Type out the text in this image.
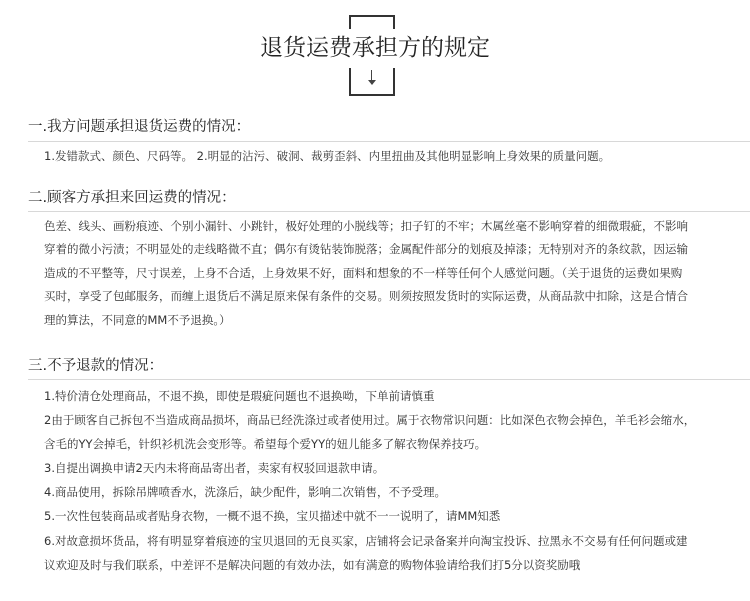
退货运费承担方的规定
一.我方问题承担退货运费的情况：
1.发错款式、颜色、尺码等。 2.明显的沾污、破洞、裁剪歪斜、内里扭曲及其他明显影响上身效果的质量问题。
二.顾客方承担来回运费的情况：
色差、线头、画粉痕迹、个别小漏针、小跳针，极好处理的小脱线等；扣子钉的不牢；木属丝毫不影响穿着的细微瑕疵，不影响
穿着的微小污渍；不明显处的走线略微不直；偶尔有烫钻装饰脱落；金属配件部分的划痕及掉漆；无特别对齐的条纹款，因运输
造成的不平整等，尺寸误差，上身不合适，上身效果不好，面料和想象的不一样等任何个人感觉问题。（关于退货的运费如果购
买时，享受了包邮服务，而缠上退货后不满足原来保有条件的交易。则须按照发货时的实际运费，从商品款中扣除，这是合情合
理的算法，不同意的MM不予退换。）
三.不予退款的情况：
1.特价清仓处理商品，不退不换，即使是瑕疵问题也不退换呦，下单前请慎重
2由于顾客自己拆包不当造成商品损坏，商品已经洗涤过或者使用过。属于衣物常识问题：比如深色衣物会掉色，羊毛衫会缩水，
含毛的YY会掉毛，针织衫机洗会变形等。希望每个爱YY的妞儿能多了解衣物保养技巧。
3.自提出调换申请2天内未将商品寄出者，卖家有权驳回退款申请。
4.商品使用，拆除吊牌喷香水，洗涤后，缺少配件，影响二次销售，不予受理。
5.一次性包装商品或者贴身衣物，一概不退不换，宝贝描述中就不一一说明了，请MM知悉
6.对故意损坏货品，将有明显穿着痕迹的宝贝退回的无良买家，店铺将会记录备案并向淘宝投诉、拉黑永不交易有任何问题或建
议欢迎及时与我们联系，中差评不是解决问题的有效办法，如有满意的购物体验请给我们打5分以资奖励哦
